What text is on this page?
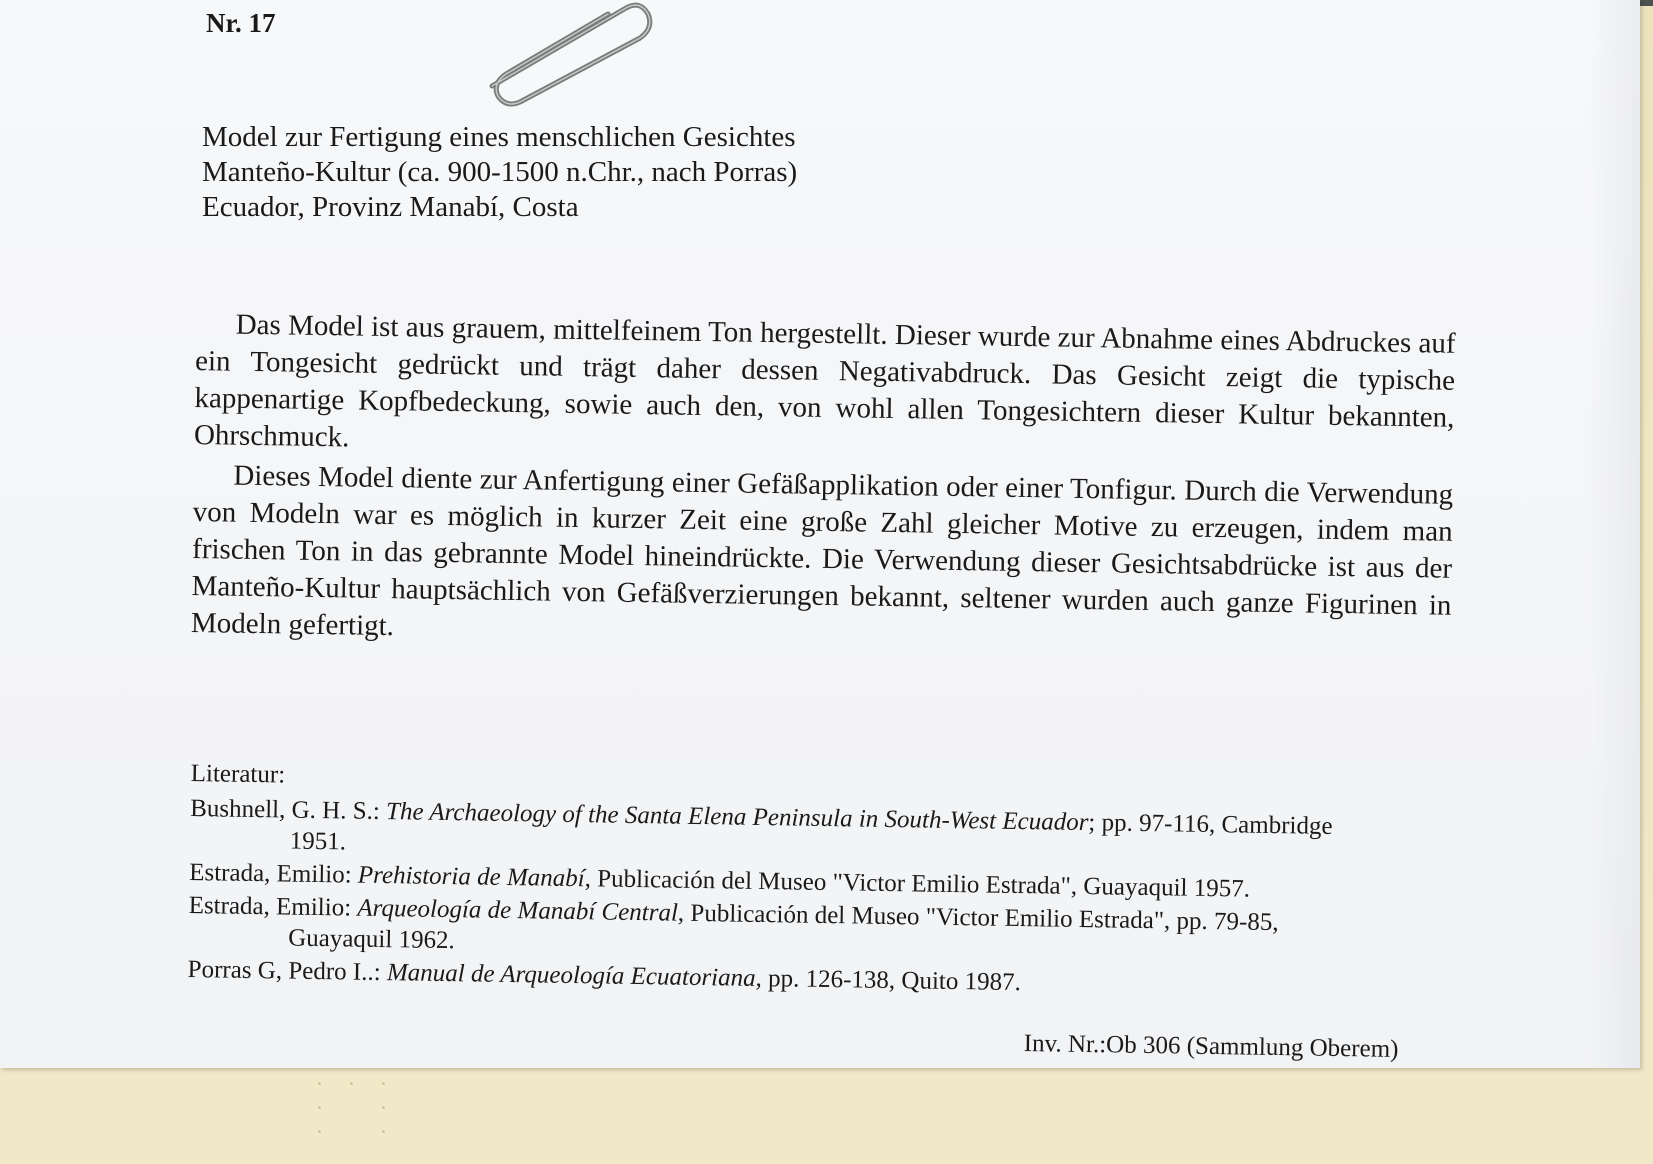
Nr. 17
Model zur Fertigung eines menschlichen Gesichtes
Manteño-Kultur (ca. 900-1500 n.Chr., nach Porras)
Ecuador, Provinz Manabí, Costa

Das Model ist aus grauem, mittelfeinem Ton hergestellt. Dieser wurde zur Abnahme eines Abdruckes auf ein Tongesicht gedrückt und trägt daher dessen Negativabdruck. Das Gesicht zeigt die typische kappenartige Kopfbedeckung, sowie auch den, von wohl allen Tongesichtern dieser Kultur bekannten, Ohrschmuck.

Dieses Model diente zur Anfertigung einer Gefäßapplikation oder einer Tonfigur. Durch die Verwendung von Modeln war es möglich in kurzer Zeit eine große Zahl gleicher Motive zu erzeugen, indem man frischen Ton in das gebrannte Model hineindrückte. Die Verwendung dieser Gesichtsabdrücke ist aus der Manteño-Kultur hauptsächlich von Gefäßverzierungen bekannt, seltener wurden auch ganze Figurinen in Modeln gefertigt.

Literatur:
Bushnell, G. H. S.: The Archaeology of the Santa Elena Peninsula in South-West Ecuador; pp. 97-116, Cambridge 1951.
Estrada, Emilio: Prehistoria de Manabí, Publicación del Museo "Victor Emilio Estrada", Guayaquil 1957.
Estrada, Emilio: Arqueología de Manabí Central, Publicación del Museo "Victor Emilio Estrada", pp. 79-85, Guayaquil 1962.
Porras G, Pedro I..: Manual de Arqueología Ecuatoriana, pp. 126-138, Quito 1987.
Inv. Nr.:Ob 306 (Sammlung Oberem)
